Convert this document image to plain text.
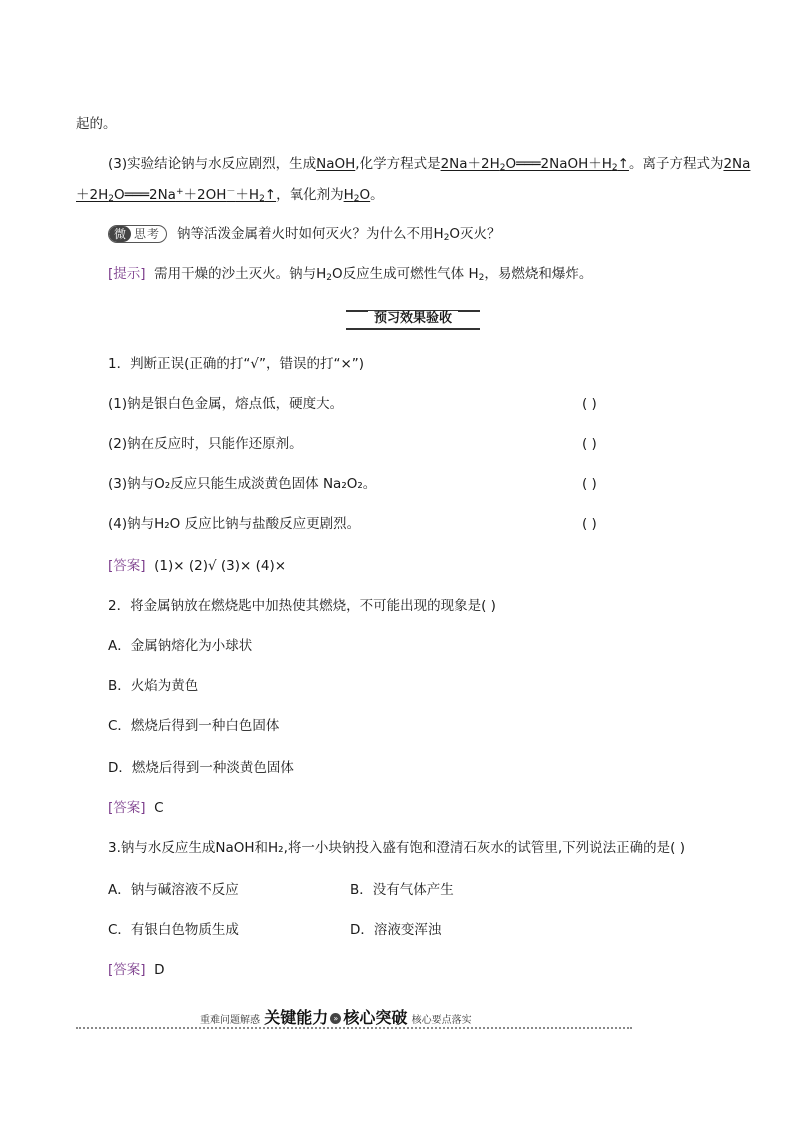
起的。
(3)实验结论钠与水反应剧烈，生成NaOH,化学方程式是$2Na+2H_2O═══2NaOH+H_2↑$。离子方程式为2Na
$+2H_2O═══2Na^++2OH^-+H_2↑$，氧化剂为$H_2O$。
微 思考	钠等活泼金属着火时如何灭火？为什么不用$H_2O$灭火？
[提示] 需用干燥的沙土灭火。钠与$H_2O$反应生成可燃性气体 $H_2$，易燃烧和爆炸。
预习效果验收
1．判断正误(正确的打“√”，错误的打“×”)
(1)钠是银白色金属，熔点低，硬度大。	( )
(2)钠在反应时，只能作还原剂。	( )
(3)钠与O₂反应只能生成淡黄色固体 Na₂O₂。	( )
(4)钠与H₂O 反应比钠与盐酸反应更剧烈。	( )
[答案] (1)× (2)√ (3)× (4)×
2．将金属钠放在燃烧匙中加热使其燃烧，不可能出现的现象是( )
A．金属钠熔化为小球状
B．火焰为黄色
C．燃烧后得到一种白色固体
D．燃烧后得到一种淡黄色固体
[答案] C
3.钠与水反应生成NaOH和H₂,将一小块钠投入盛有饱和澄清石灰水的试管里,下列说法正确的是( )
A．钠与碱溶液不反应	B．没有气体产生
C．有银白色物质生成	D．溶液变浑浊
[答案] D
重难问题解惑 关键能力 » 核心突破 核心要点落实
